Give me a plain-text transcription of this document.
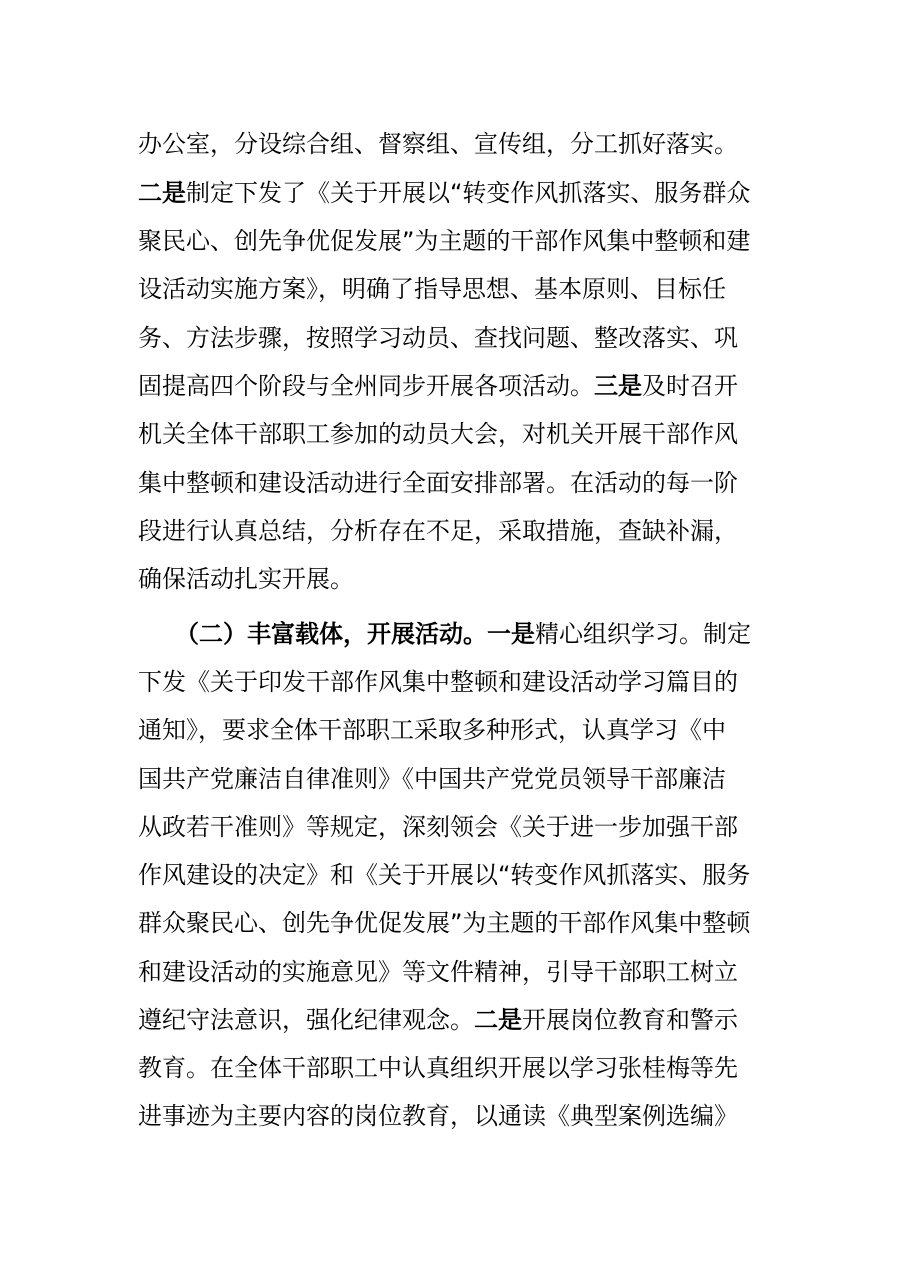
办公室，分设综合组、督察组、宣传组，分工抓好落实。
二是制定下发了《关于开展以“转变作风抓落实、服务群众
聚民心、创先争优促发展”为主题的干部作风集中整顿和建
设活动实施方案》，明确了指导思想、基本原则、目标任
务、方法步骤，按照学习动员、查找问题、整改落实、巩
固提高四个阶段与全州同步开展各项活动。三是及时召开
机关全体干部职工参加的动员大会，对机关开展干部作风
集中整顿和建设活动进行全面安排部署。在活动的每一阶
段进行认真总结，分析存在不足，采取措施，查缺补漏，
确保活动扎实开展。
（二）丰富载体，开展活动。一是精心组织学习。制定
下发《关于印发干部作风集中整顿和建设活动学习篇目的
通知》，要求全体干部职工采取多种形式，认真学习《中
国共产党廉洁自律准则》《中国共产党党员领导干部廉洁
从政若干准则》等规定，深刻领会《关于进一步加强干部
作风建设的决定》和《关于开展以“转变作风抓落实、服务
群众聚民心、创先争优促发展”为主题的干部作风集中整顿
和建设活动的实施意见》等文件精神，引导干部职工树立
遵纪守法意识，强化纪律观念。二是开展岗位教育和警示
教育。在全体干部职工中认真组织开展以学习张桂梅等先
进事迹为主要内容的岗位教育，以通读《典型案例选编》
